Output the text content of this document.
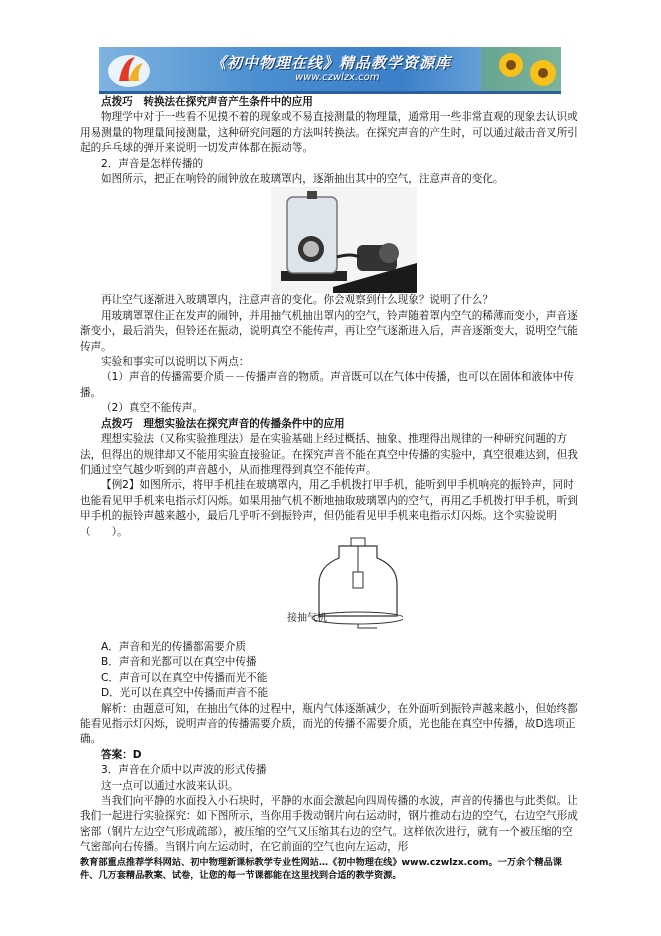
《初中物理在线》精品教学资源库
www.czwlzx.com

点拨巧　转换法在探究声音产生条件中的应用

物理学中对于一些看不见摸不着的现象或不易直接测量的物理量，通常用一些非常直观的现象去认识或用易测量的物理量间接测量，这种研究问题的方法叫转换法。在探究声音的产生时，可以通过敲击音叉所引起的乒乓球的弹开来说明一切发声体都在振动等。

2．声音是怎样传播的

如图所示，把正在响铃的闹钟放在玻璃罩内，逐渐抽出其中的空气，注意声音的变化。

再让空气逐渐进入玻璃罩内，注意声音的变化。你会观察到什么现象？说明了什么？

用玻璃罩罩住正在发声的闹钟，并用抽气机抽出罩内的空气，铃声随着罩内空气的稀薄而变小，声音逐渐变小，最后消失，但铃还在振动，说明真空不能传声，再让空气逐渐进入后，声音逐渐变大，说明空气能传声。

实验和事实可以说明以下两点：

（1）声音的传播需要介质－－传播声音的物质。声音既可以在气体中传播，也可以在固体和液体中传播。

（2）真空不能传声。

点拨巧　理想实验法在探究声音的传播条件中的应用

理想实验法（又称实验推理法）是在实验基础上经过概括、抽象、推理得出规律的一种研究问题的方法，但得出的规律却又不能用实验直接验证。在探究声音不能在真空中传播的实验中，真空很难达到，但我们通过空气越少听到的声音越小，从而推理得到真空不能传声。

【例2】如图所示，将甲手机挂在玻璃罩内，用乙手机拨打甲手机，能听到甲手机响亮的振铃声，同时也能看见甲手机来电指示灯闪烁。如果用抽气机不断地抽取玻璃罩内的空气，再用乙手机拨打甲手机，听到甲手机的振铃声越来越小，最后几乎听不到振铃声，但仍能看见甲手机来电指示灯闪烁。这个实验说明（　　）。

A．声音和光的传播都需要介质

B．声音和光都可以在真空中传播

C．声音可以在真空中传播而光不能

D．光可以在真空中传播而声音不能

解析：由题意可知，在抽出气体的过程中，瓶内气体逐渐减少，在外面听到振铃声越来越小，但始终都能看见指示灯闪烁，说明声音的传播需要介质，而光的传播不需要介质，光也能在真空中传播，故D选项正确。

答案：D

3．声音在介质中以声波的形式传播

这一点可以通过水波来认识。

当我们向平静的水面投入小石块时，平静的水面会激起向四周传播的水波，声音的传播也与此类似。让我们一起进行实验探究：如下图所示，当你用手拨动钢片向右运动时，钢片推动右边的空气，右边空气形成密部（钢片左边空气形成疏部），被压缩的空气又压缩其右边的空气。这样依次进行，就有一个被压缩的空气密部向右传播。当钢片向左运动时，在它前面的空气也向左运动，形

接抽气机
教育部重点推荐学科网站、初中物理新课标教学专业性网站…《初中物理在线》www.czwlzx.com。一万余个精品课件、几万套精品教案、试卷，让您的每一节课都能在这里找到合适的教学资源。
